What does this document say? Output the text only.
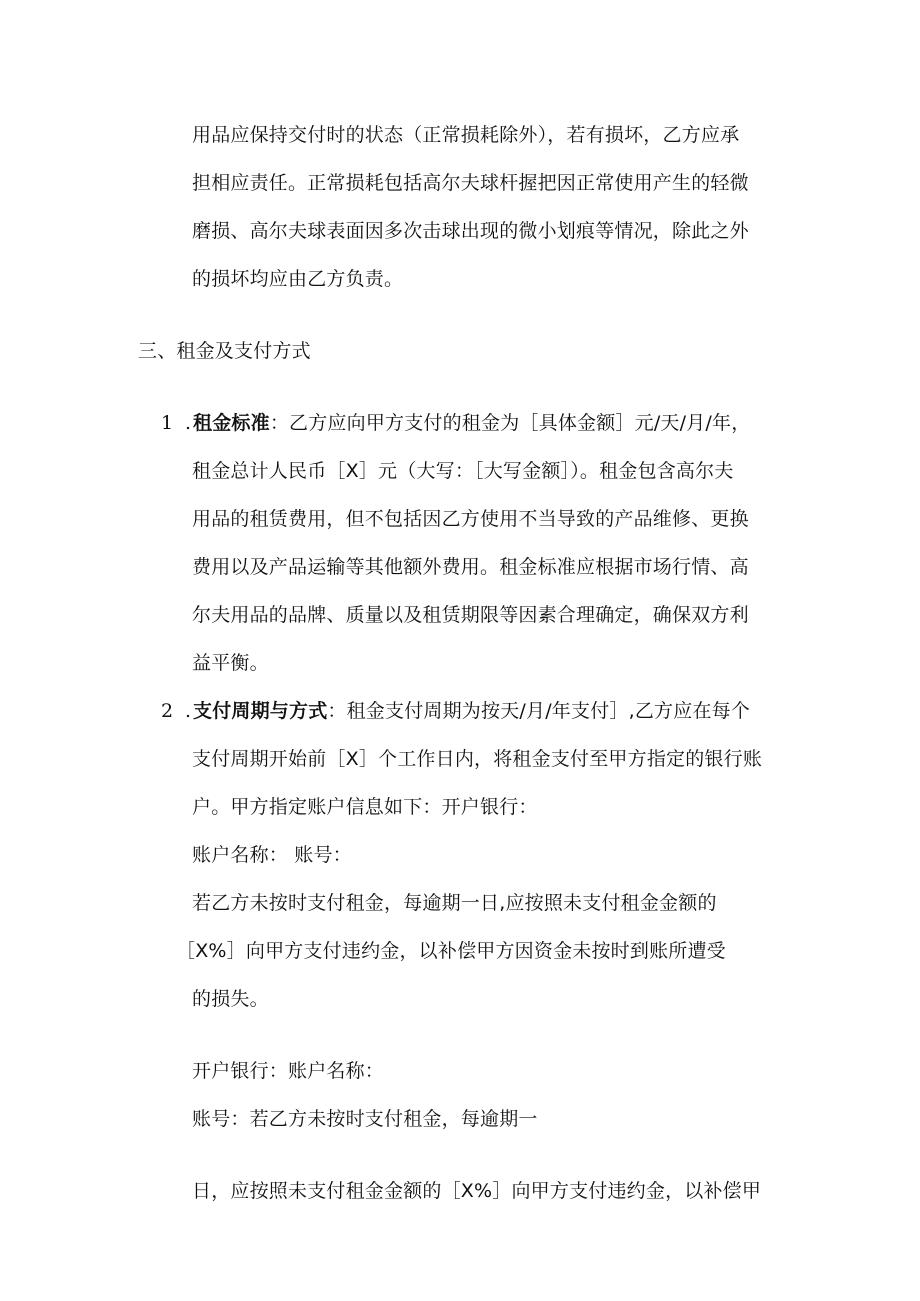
用品应保持交付时的状态（正常损耗除外），若有损坏，乙方应承
担相应责任。正常损耗包括高尔夫球杆握把因正常使用产生的轻微
磨损、高尔夫球表面因多次击球出现的微小划痕等情况，除此之外
的损坏均应由乙方负责。
三、租金及支付方式
1 . 租金标准：乙方应向甲方支付的租金为［具体金额］元/天/月/年，
租金总计人民币［X］元（大写：［大写金额］）。租金包含高尔夫
用品的租赁费用，但不包括因乙方使用不当导致的产品维修、更换
费用以及产品运输等其他额外费用。租金标准应根据市场行情、高
尔夫用品的品牌、质量以及租赁期限等因素合理确定，确保双方利
益平衡。
2 . 支付周期与方式：租金支付周期为按天/月/年支付］,乙方应在每个
支付周期开始前［X］个工作日内，将租金支付至甲方指定的银行账
户。甲方指定账户信息如下：开户银行：
账户名称： 账号：
若乙方未按时支付租金，每逾期一日,应按照未支付租金金额的
［X%］向甲方支付违约金，以补偿甲方因资金未按时到账所遭受
的损失。
开户银行：账户名称：
账号：若乙方未按时支付租金，每逾期一
日，应按照未支付租金金额的［X%］向甲方支付违约金，以补偿甲
